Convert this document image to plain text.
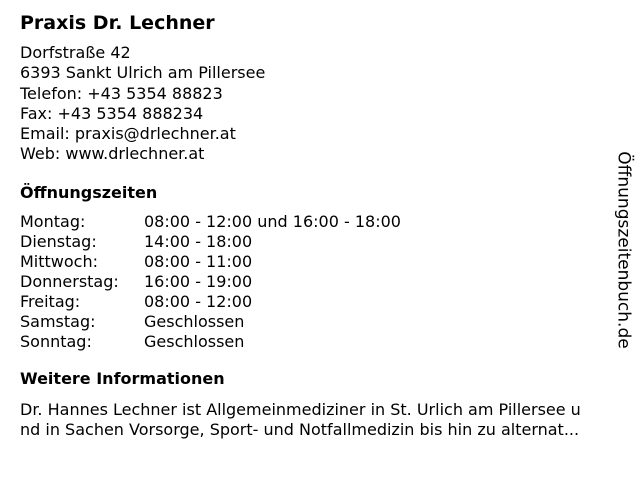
Praxis Dr. Lechner
Dorfstraße 42
6393 Sankt Ulrich am Pillersee
Telefon: +43 5354 88823
Fax: +43 5354 888234
Email: praxis@drlechner.at
Web: www.drlechner.at
Öffnungszeiten
Montag:	08:00 - 12:00 und 16:00 - 18:00
Dienstag:	14:00 - 18:00
Mittwoch:	08:00 - 11:00
Donnerstag:	16:00 - 19:00
Freitag:	08:00 - 12:00
Samstag:	Geschlossen
Sonntag:	Geschlossen
Weitere Informationen
Dr. Hannes Lechner ist Allgemeinmediziner in St. Urlich am Pillersee u
nd in Sachen Vorsorge, Sport- und Notfallmedizin bis hin zu alternat...
Öffnungszeitenbuch.de
